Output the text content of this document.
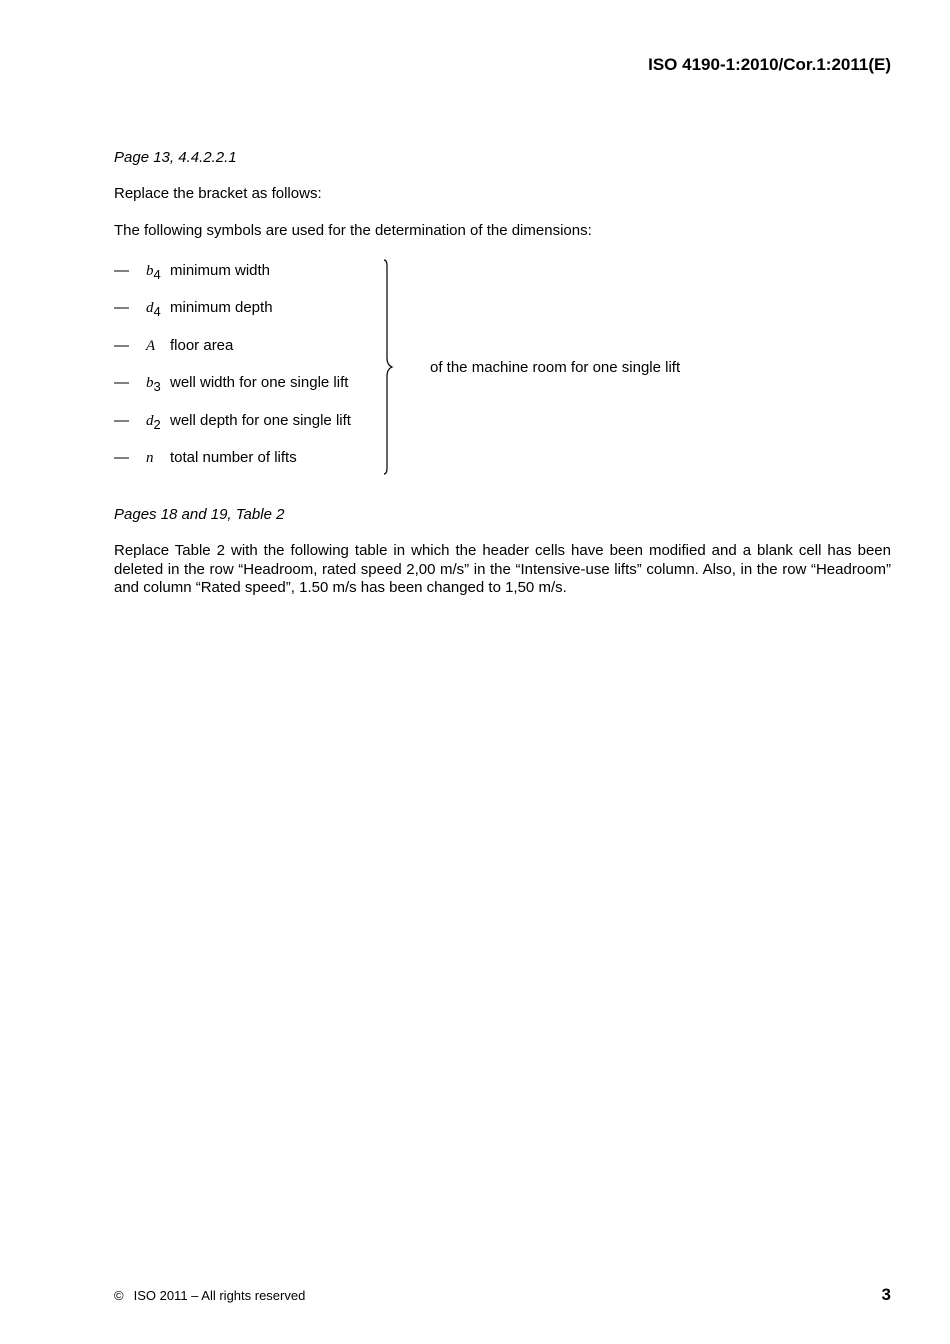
ISO 4190-1:2010/Cor.1:2011(E)
Page 13, 4.4.2.2.1
Replace the bracket as follows:
The following symbols are used for the determination of the dimensions:
— b4 minimum width
— d4 minimum depth
— A floor area
— b3 well width for one single lift
— d2 well depth for one single lift
— n total number of lifts
of the machine room for one single lift
Pages 18 and 19, Table 2
Replace Table 2 with the following table in which the header cells have been modified and a blank cell has been deleted in the row “Headroom, rated speed 2,00 m/s” in the “Intensive-use lifts” column. Also, in the row “Headroom” and column “Rated speed”, 1.50 m/s has been changed to 1,50 m/s.
© ISO 2011 – All rights reserved	3
